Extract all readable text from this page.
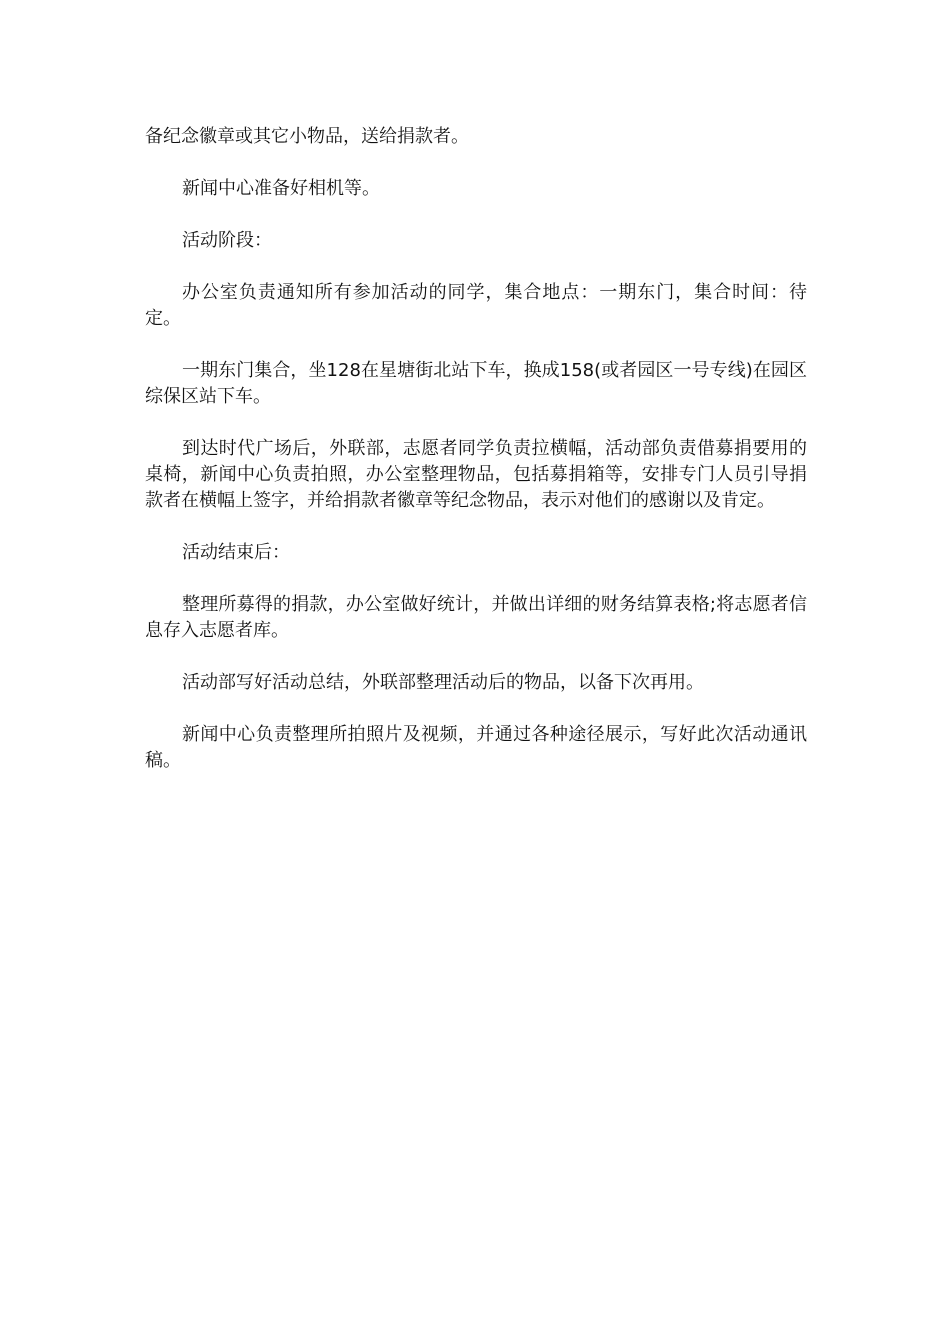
备纪念徽章或其它小物品，送给捐款者。

新闻中心准备好相机等。

活动阶段：

办公室负责通知所有参加活动的同学，集合地点：一期东门，集合时间：待定。

一期东门集合，坐128在星塘街北站下车，换成158(或者园区一号专线)在园区综保区站下车。

到达时代广场后，外联部，志愿者同学负责拉横幅，活动部负责借募捐要用的桌椅，新闻中心负责拍照，办公室整理物品，包括募捐箱等，安排专门人员引导捐款者在横幅上签字，并给捐款者徽章等纪念物品，表示对他们的感谢以及肯定。

活动结束后：

整理所募得的捐款，办公室做好统计，并做出详细的财务结算表格;将志愿者信息存入志愿者库。

活动部写好活动总结，外联部整理活动后的物品，以备下次再用。

新闻中心负责整理所拍照片及视频，并通过各种途径展示，写好此次活动通讯稿。
